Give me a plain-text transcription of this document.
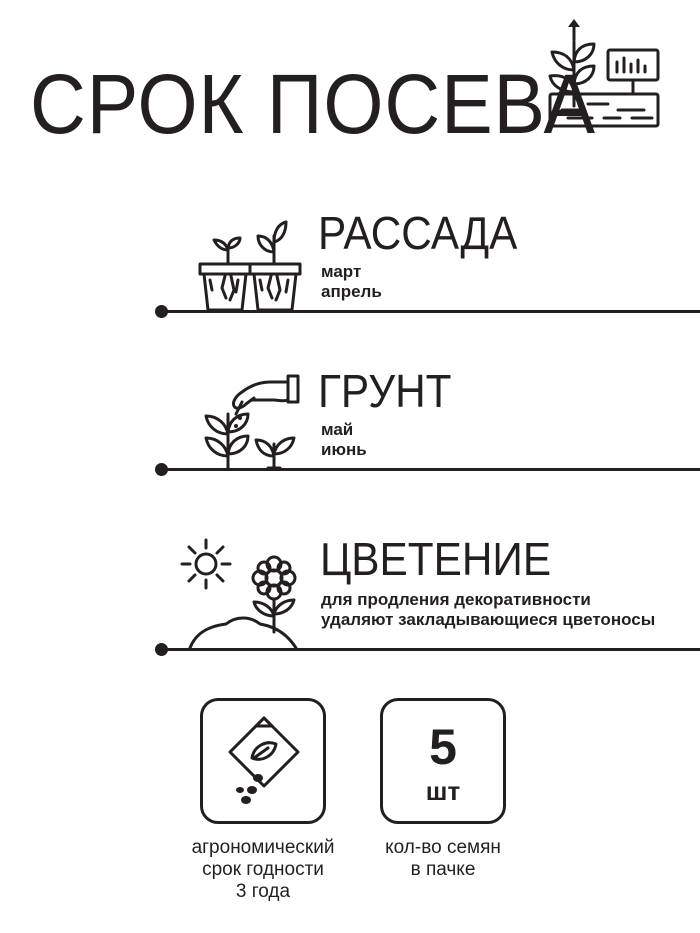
СРОК ПОСЕВА
РАССАДА
март
апрель
ГРУНТ
май
июнь
ЦВЕТЕНИЕ
для продления декоративности
удаляют закладывающиеся цветоносы
агрономический
срок годности
3 года
5
шт
кол-во семян
в пачке
